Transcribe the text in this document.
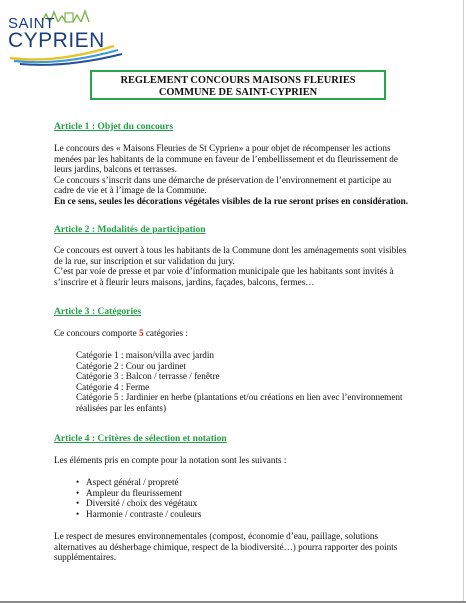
SAINT
CYPRIEN
REGLEMENT CONCOURS MAISONS FLEURIES
COMMUNE DE SAINT-CYPRIEN
Article 1 : Objet du concours

Le concours des « Maisons Fleuries de St Cyprien» a pour objet de récompenser les actions menées par les habitants de la commune en faveur de l’embellissement et du fleurissement de leurs jardins, balcons et terrasses.

Ce concours s’inscrit dans une démarche de préservation de l’environnement et participe au cadre de vie et à l’image de la Commune.

En ce sens, seules les décorations végétales visibles de la rue seront prises en considération.

Article 2 : Modalités de participation

Ce concours est ouvert à tous les habitants de la Commune dont les aménagements sont visibles de la rue, sur inscription et sur validation du jury.

C’est par voie de presse et par voie d’information municipale que les habitants sont invités à s’inscrire et à fleurir leurs maisons, jardins, façades, balcons, fermes…

Article 3 : Catégories
Ce concours comporte 5 catégories :
Catégorie 1 : maison/villa avec jardin
Catégorie 2 : Cour ou jardinet
Catégorie 3 : Balcon / terrasse / fenêtre
Catégorie 4 : Ferme
Catégorie 5 : Jardinier en herbe (plantations et/ou créations en lien avec l’environnement réalisées par les enfants)
Article 4 : Critères de sélection et notation
Les éléments pris en compte pour la notation sont les suivants :
• Aspect général / propreté
• Ampleur du fleurissement
• Diversité / choix des végétaux
• Harmonie / contraste / couleurs
Le respect de mesures environnementales (compost, économie d’eau, paillage, solutions alternatives au désherbage chimique, respect de la biodiversité…) pourra rapporter des points supplémentaires.
